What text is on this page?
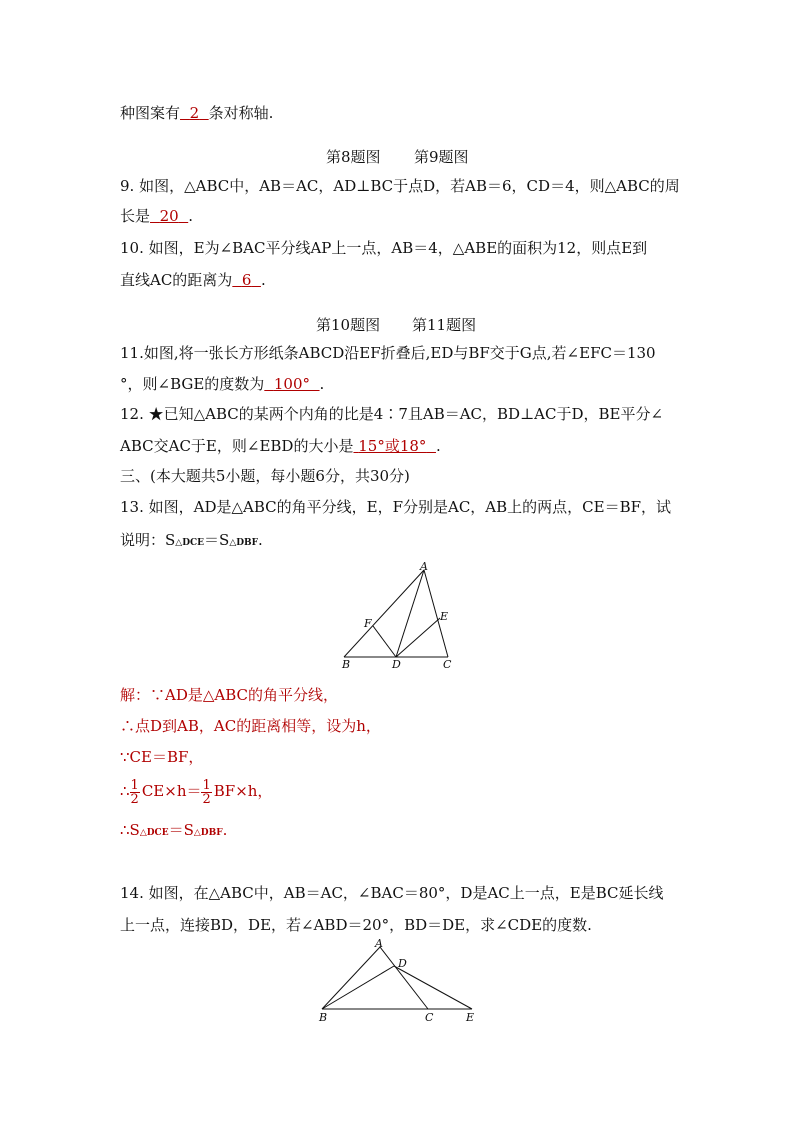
种图案有 2 条对称轴.
第8题图 第9题图
9. 如图，△ABC中，AB＝AC，AD⊥BC于点D，若AB＝6，CD＝4，则△ABC的周
长是 20 .
10. 如图，E为∠BAC平分线AP上一点，AB＝4，△ABE的面积为12，则点E到
直线AC的距离为 6 .
第10题图 第11题图
11.如图,将一张长方形纸条ABCD沿EF折叠后,ED与BF交于G点,若∠EFC＝130
°，则∠BGE的度数为 100° .
12. ★已知△ABC的某两个内角的比是4∶7且AB＝AC，BD⊥AC于D，BE平分∠
ABC交AC于E，则∠EBD的大小是 15°或18° .
三、(本大题共5小题，每小题6分，共30分)
13. 如图，AD是△ABC的角平分线，E，F分别是AC，AB上的两点，CE＝BF，试
说明：S△DCE＝S△DBF.
A
B	C
D
E
F
解：∵AD是△ABC的角平分线，
∴点D到AB，AC的距离相等，设为h，
∵CE＝BF，
∴ $\frac{1}{2} CE\times h= \frac{1}{2} BF\times h$，
∴S△DCE＝S△DBF.
14. 如图，在△ABC中，AB＝AC，∠BAC＝80°，D是AC上一点，E是BC延长线
上一点，连接BD，DE，若∠ABD＝20°，BD＝DE，求∠CDE的度数.
A
B	C
D
E
